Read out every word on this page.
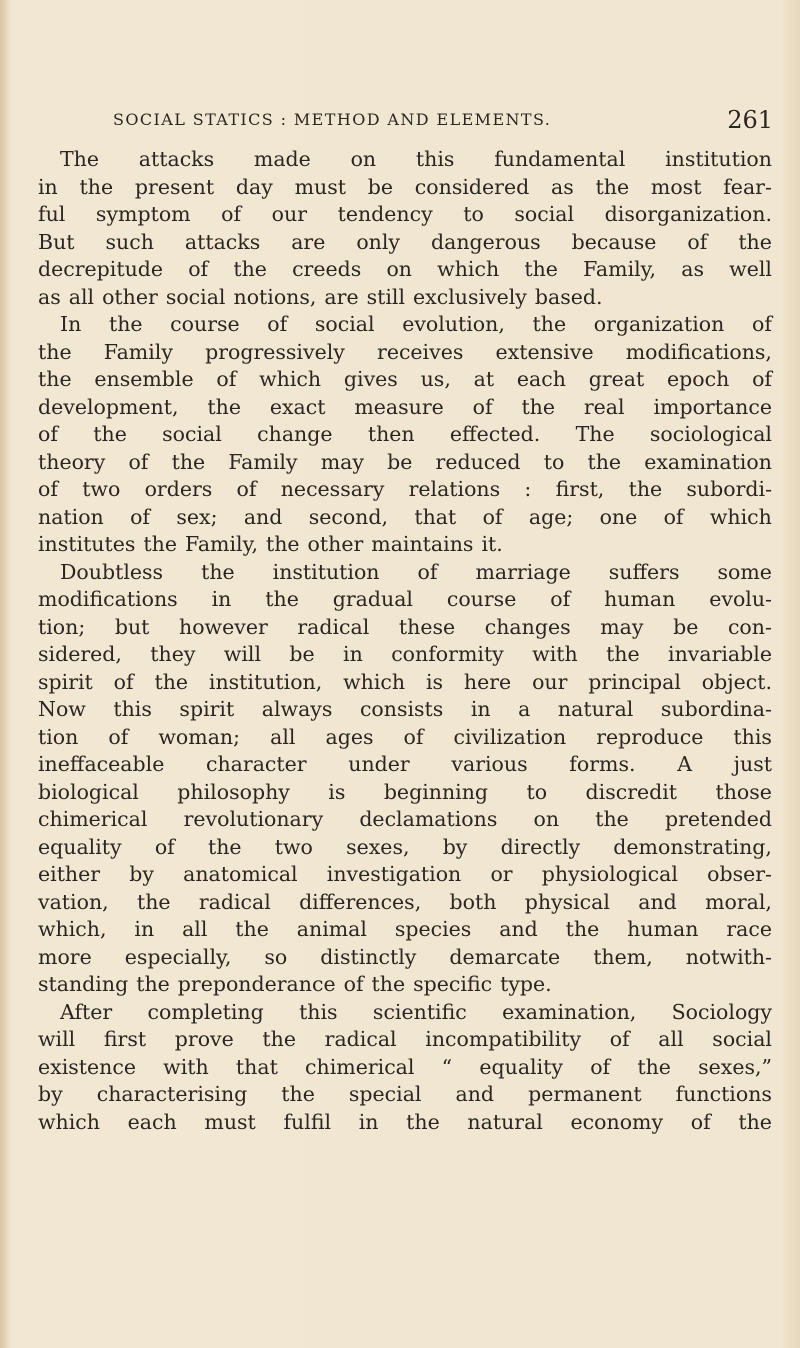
SOCIAL STATICS : METHOD AND ELEMENTS.	261
The attacks made on this fundamental institution
in the present day must be considered as the most fear-
ful symptom of our tendency to social disorganization.
But such attacks are only dangerous because of the
decrepitude of the creeds on which the Family, as well
as all other social notions, are still exclusively based.
In the course of social evolution, the organization of
the Family progressively receives extensive modifications,
the ensemble of which gives us, at each great epoch of
development, the exact measure of the real importance
of the social change then effected. The sociological
theory of the Family may be reduced to the examination
of two orders of necessary relations : first, the subordi-
nation of sex; and second, that of age; one of which
institutes the Family, the other maintains it.
Doubtless the institution of marriage suffers some
modifications in the gradual course of human evolu-
tion; but however radical these changes may be con-
sidered, they will be in conformity with the invariable
spirit of the institution, which is here our principal object.
Now this spirit always consists in a natural subordina-
tion of woman; all ages of civilization reproduce this
ineffaceable character under various forms. A just
biological philosophy is beginning to discredit those
chimerical revolutionary declamations on the pretended
equality of the two sexes, by directly demonstrating,
either by anatomical investigation or physiological obser-
vation, the radical differences, both physical and moral,
which, in all the animal species and the human race
more especially, so distinctly demarcate them, notwith-
standing the preponderance of the specific type.
After completing this scientific examination, Sociology
will first prove the radical incompatibility of all social
existence with that chimerical “ equality of the sexes,”
by characterising the special and permanent functions
which each must fulfil in the natural economy of the
